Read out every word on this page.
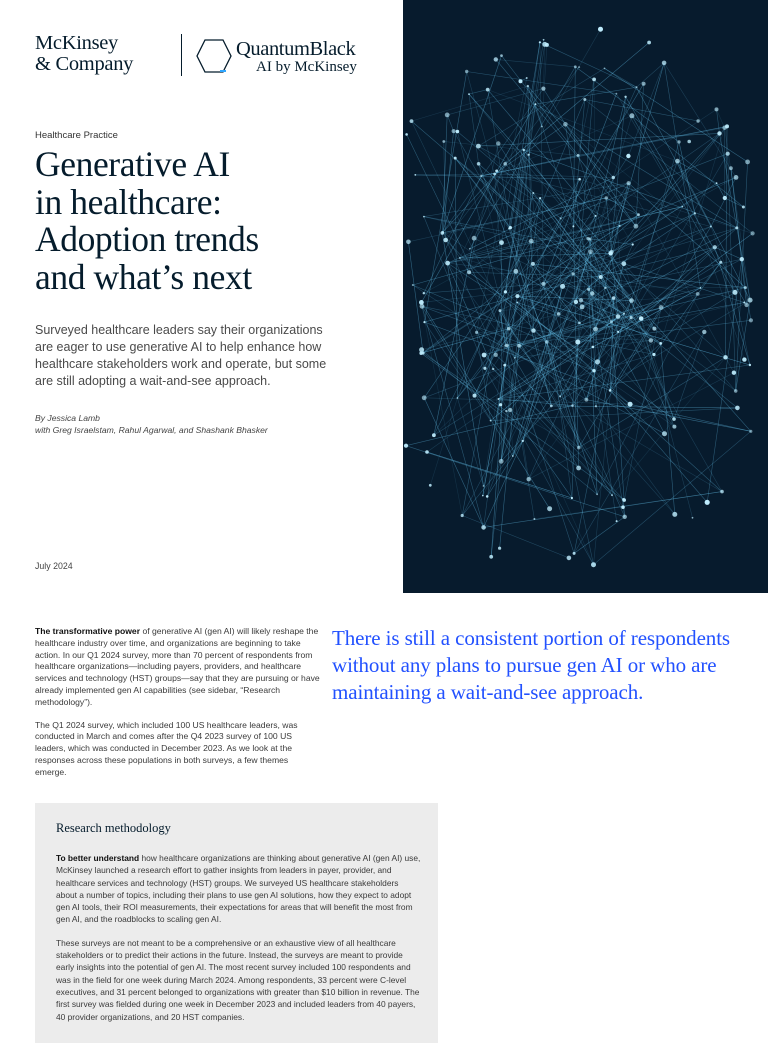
McKinsey
& Company
QuantumBlack
AI by McKinsey
Healthcare Practice
Generative AI
in healthcare:
Adoption trends
and what’s next
Surveyed healthcare leaders say their organizations are eager to use generative AI to help enhance how healthcare stakeholders work and operate, but some are still adopting a wait-and-see approach.
By Jessica Lamb
with Greg Israelstam, Rahul Agarwal, and Shashank Bhasker
July 2024

The transformative power of generative AI (gen AI) will likely reshape the healthcare industry over time, and organizations are beginning to take action. In our Q1 2024 survey, more than 70 percent of respondents from healthcare organizations—including payers, providers, and healthcare services and technology (HST) groups—say that they are pursuing or have already implemented gen AI capabilities (see sidebar, “Research methodology”).

The Q1 2024 survey, which included 100 US healthcare leaders, was conducted in March and comes after the Q4 2023 survey of 100 US leaders, which was conducted in December 2023. As we look at the responses across these populations in both surveys, a few themes emerge.

There is still a consistent portion of respondents without any plans to pursue gen AI or who are maintaining a wait-and-see approach.
Research methodology

To better understand how healthcare organizations are thinking about generative AI (gen AI) use, McKinsey launched a research effort to gather insights from leaders in payer, provider, and healthcare services and technology (HST) groups. We surveyed US healthcare stakeholders about a number of topics, including their plans to use gen AI solutions, how they expect to adopt gen AI tools, their ROI measurements, their expectations for areas that will benefit the most from gen AI, and the roadblocks to scaling gen AI.

These surveys are not meant to be a comprehensive or an exhaustive view of all healthcare stakeholders or to predict their actions in the future. Instead, the surveys are meant to provide early insights into the potential of gen AI. The most recent survey included 100 respondents and was in the field for one week during March 2024. Among respondents, 33 percent were C-level executives, and 31 percent belonged to organizations with greater than $10 billion in revenue. The first survey was fielded during one week in December 2023 and included leaders from 40 payers, 40 provider organizations, and 20 HST companies.
